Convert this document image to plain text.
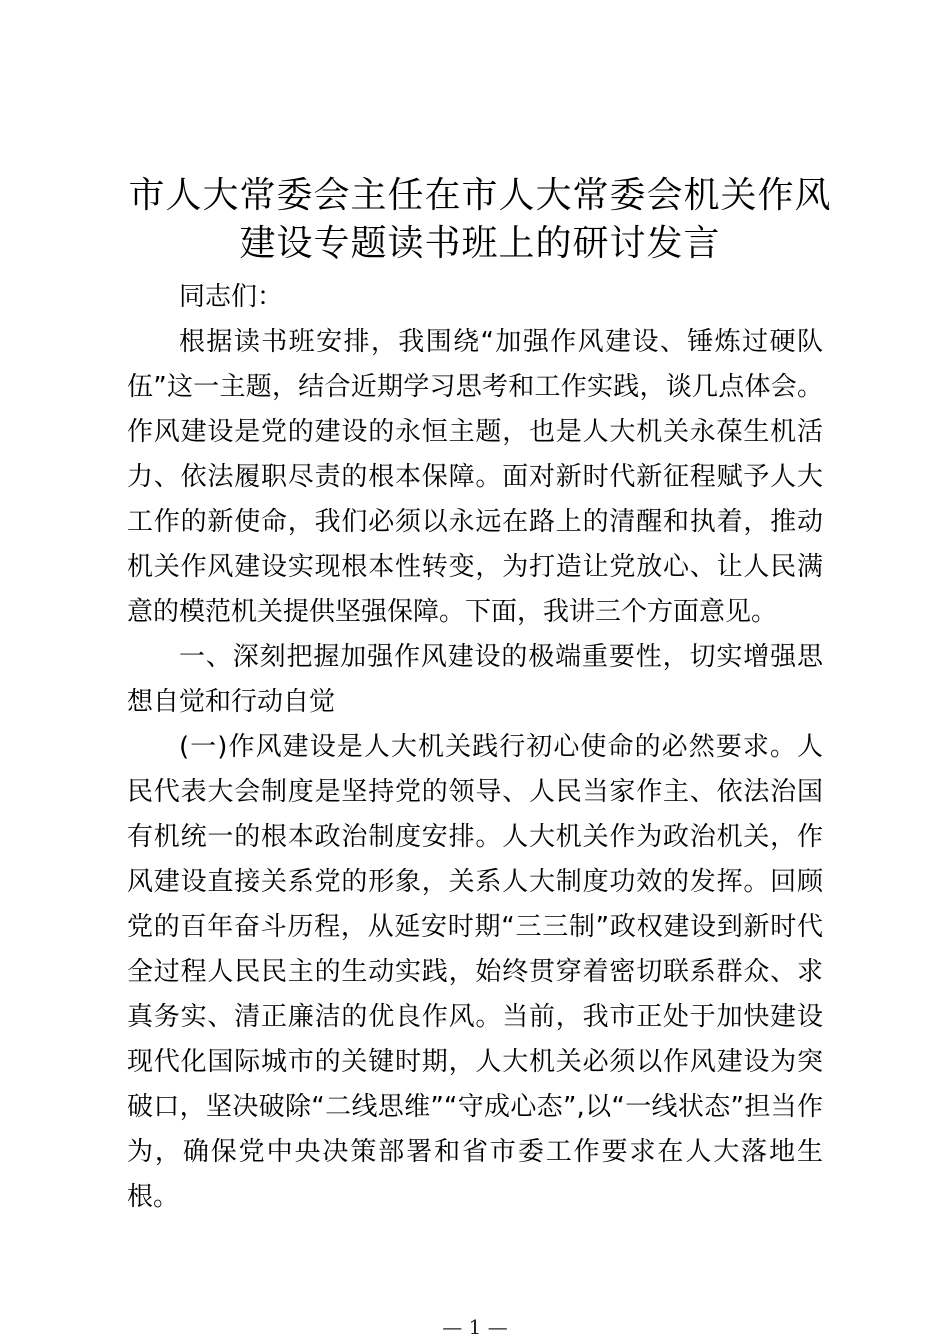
市人大常委会主任在市人大常委会机关作风建设专题读书班上的研讨发言

同志们：

根据读书班安排，我围绕“加强作风建设、锤炼过硬队伍”这一主题，结合近期学习思考和工作实践，谈几点体会。作风建设是党的建设的永恒主题，也是人大机关永葆生机活力、依法履职尽责的根本保障。面对新时代新征程赋予人大工作的新使命，我们必须以永远在路上的清醒和执着，推动机关作风建设实现根本性转变，为打造让党放心、让人民满意的模范机关提供坚强保障。下面，我讲三个方面意见。

一、深刻把握加强作风建设的极端重要性，切实增强思想自觉和行动自觉

(一)作风建设是人大机关践行初心使命的必然要求。人民代表大会制度是坚持党的领导、人民当家作主、依法治国有机统一的根本政治制度安排。人大机关作为政治机关，作风建设直接关系党的形象，关系人大制度功效的发挥。回顾党的百年奋斗历程，从延安时期“三三制”政权建设到新时代全过程人民民主的生动实践，始终贯穿着密切联系群众、求真务实、清正廉洁的优良作风。当前，我市正处于加快建设现代化国际城市的关键时期，人大机关必须以作风建设为突破口，坚决破除“二线思维”“守成心态”,以“一线状态”担当作为，确保党中央决策部署和省市委工作要求在人大落地生根。

— 1 —
